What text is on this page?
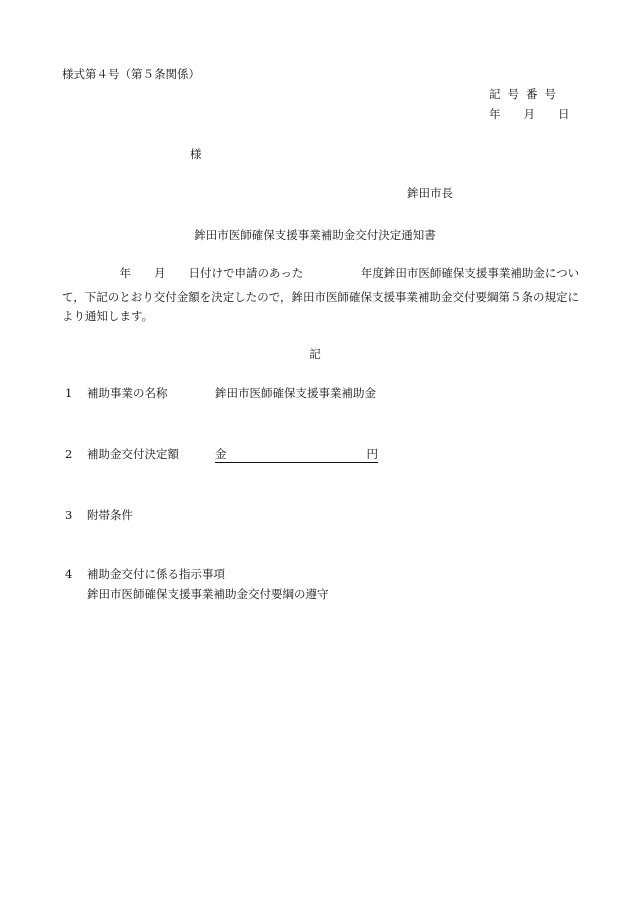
様式第４号（第５条関係）
記号番号
年　　月　　日
様
鉾田市長
鉾田市医師確保支援事業補助金交付決定通知書
　　　　　年　　月　　日付けで申請のあった　　　　　年度鉾田市医師確保支援事業補助金につい
て，下記のとおり交付金額を決定したので，鉾田市医師確保支援事業補助金交付要綱第５条の規定に
より通知します。
記
1 補助事業の名称	鉾田市医師確保支援事業補助金
2 補助金交付決定額	金	円
3 附帯条件
4 補助金交付に係る指示事項
鉾田市医師確保支援事業補助金交付要綱の遵守
